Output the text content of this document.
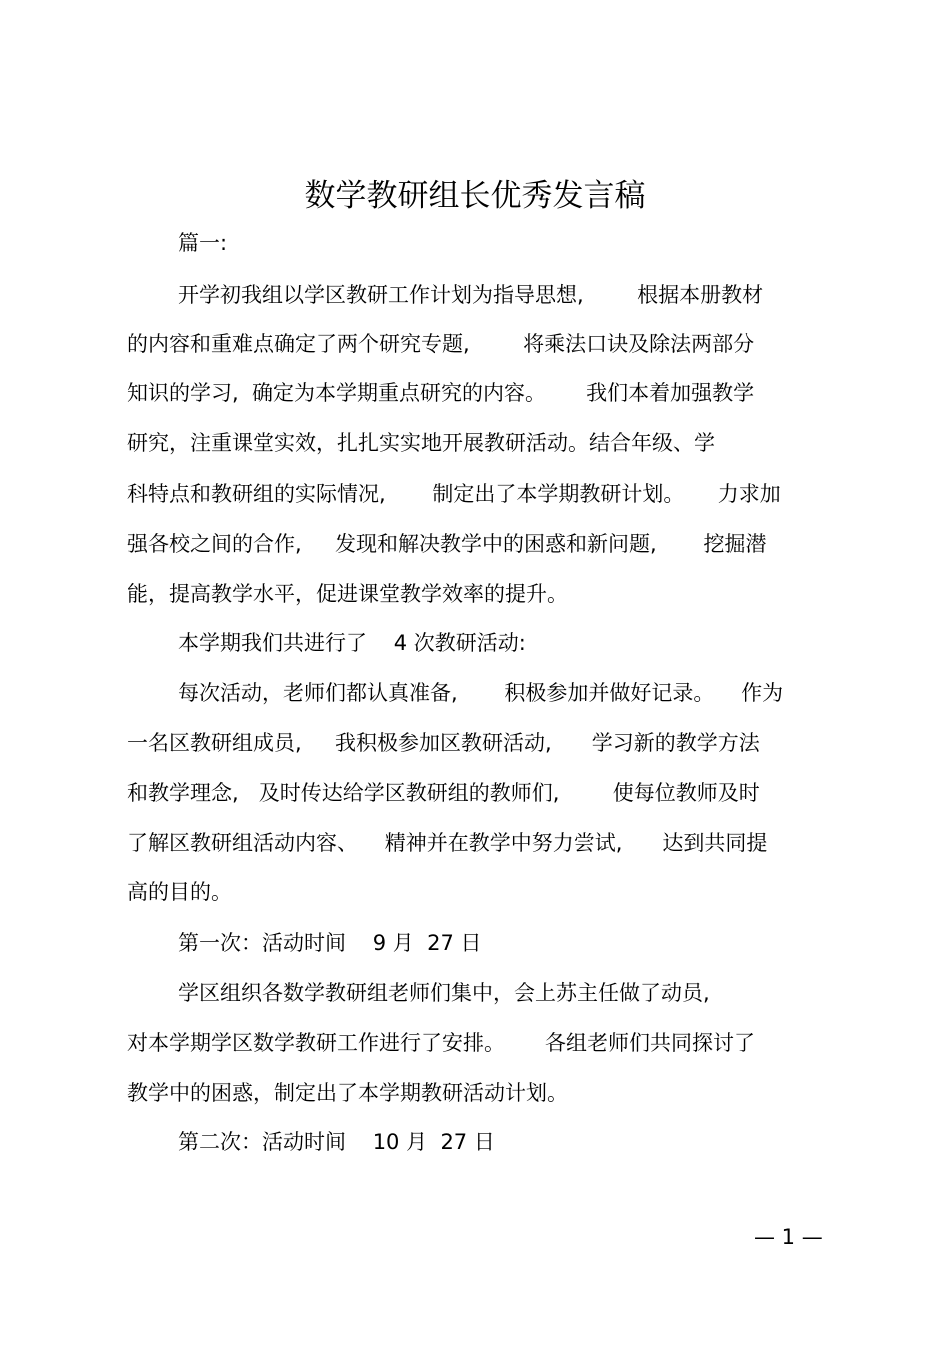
数学教研组长优秀发言稿
篇一:
开学初我组以学区教研工作计划为指导思想,        根据本册教材
的内容和重难点确定了两个研究专题,        将乘法口诀及除法两部分
知识的学习,  确定为本学期重点研究的内容。      我们本着加强教学
研究，注重课堂实效，扎扎实实地开展教研活动。结合年级、学
科特点和教研组的实际情况,       制定出了本学期教研计划。     力求加
强各校之间的合作,     发现和解决教学中的困惑和新问题,       挖掘潜
能，提高教学水平，促进课堂教学效率的提升。
本学期我们共进行了    4 次教研活动:
每次活动，老师们都认真准备,       积极参加并做好记录。    作为
一名区教研组成员,     我积极参加区教研活动,      学习新的教学方法
和教学理念,   及时传达给学区教研组的教师们,        使每位教师及时
了解区教研组活动内容、    精神并在教学中努力尝试,      达到共同提
高的目的。
第一次：活动时间    9 月  27 日
学区组织各数学教研组老师们集中，会上苏主任做了动员,
对本学期学区数学教研工作进行了安排。      各组老师们共同探讨了
教学中的困惑，制定出了本学期教研活动计划。
第二次：活动时间    10 月  27 日
— 1 —
